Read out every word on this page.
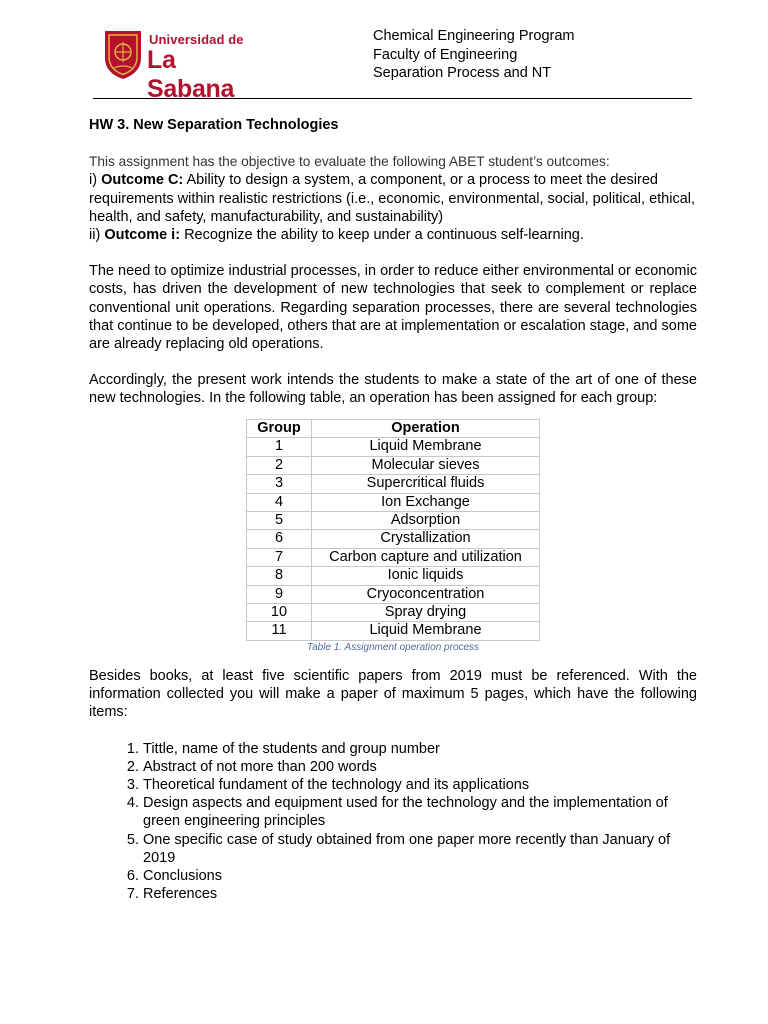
Universidad de
La Sabana
Chemical Engineering Program
Faculty of Engineering
Separation Process and NT

HW 3. New Separation Technologies

This assignment has the objective to evaluate the following ABET student’s outcomes:

i) Outcome C: Ability to design a system, a component, or a process to meet the desired requirements within realistic restrictions (i.e., economic, environmental, social, political, ethical, health, and safety, manufacturability, and sustainability)

ii) Outcome i: Recognize the ability to keep under a continuous self-learning.

The need to optimize industrial processes, in order to reduce either environmental or economic costs, has driven the development of new technologies that seek to complement or replace conventional unit operations. Regarding separation processes, there are several technologies that continue to be developed, others that are at implementation or escalation stage, and some are already replacing old operations.

Accordingly, the present work intends the students to make a state of the art of one of these new technologies. In the following table, an operation has been assigned for each group:

Group	Operation
1	Liquid Membrane
2	Molecular sieves
3	Supercritical fluids
4	Ion Exchange
5	Adsorption
6	Crystallization
7	Carbon capture and utilization
8	Ionic liquids
9	Cryoconcentration
10	Spray drying
11	Liquid Membrane
Table 1. Assignment operation process

Besides books, at least five scientific papers from 2019 must be referenced. With the information collected you will make a paper of maximum 5 pages, which have the following items:

1. Tittle, name of the students and group number
2. Abstract of not more than 200 words
3. Theoretical fundament of the technology and its applications
4. Design aspects and equipment used for the technology and the implementation of green engineering principles
5. One specific case of study obtained from one paper more recently than January of 2019
6. Conclusions
7. References
